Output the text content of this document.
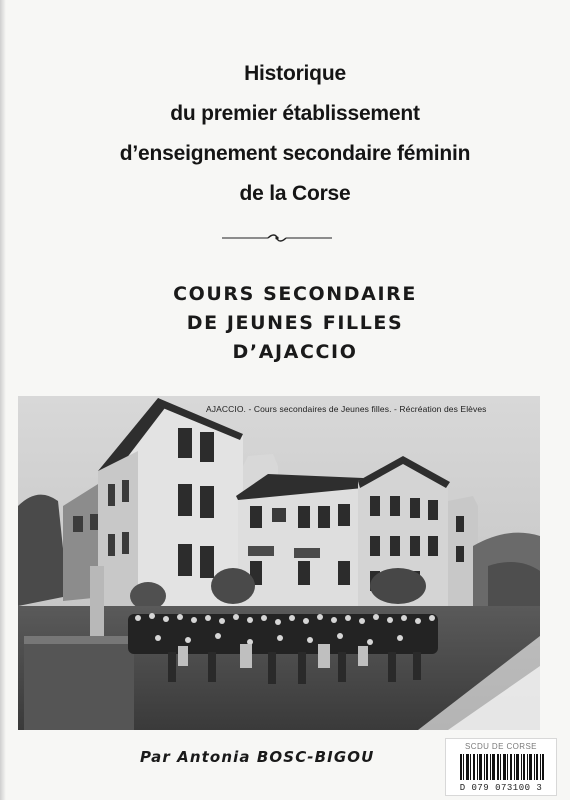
Historique
du premier établissement
d’enseignement secondaire féminin
de la Corse
COURS SECONDAIRE
DE JEUNES FILLES
D’AJACCIO
AJACCIO. - Cours secondaires de Jeunes filles. - Récréation des Elèves
Par Antonia BOSC-BIGOU
SCDU DE CORSE
D 079 073100 3
